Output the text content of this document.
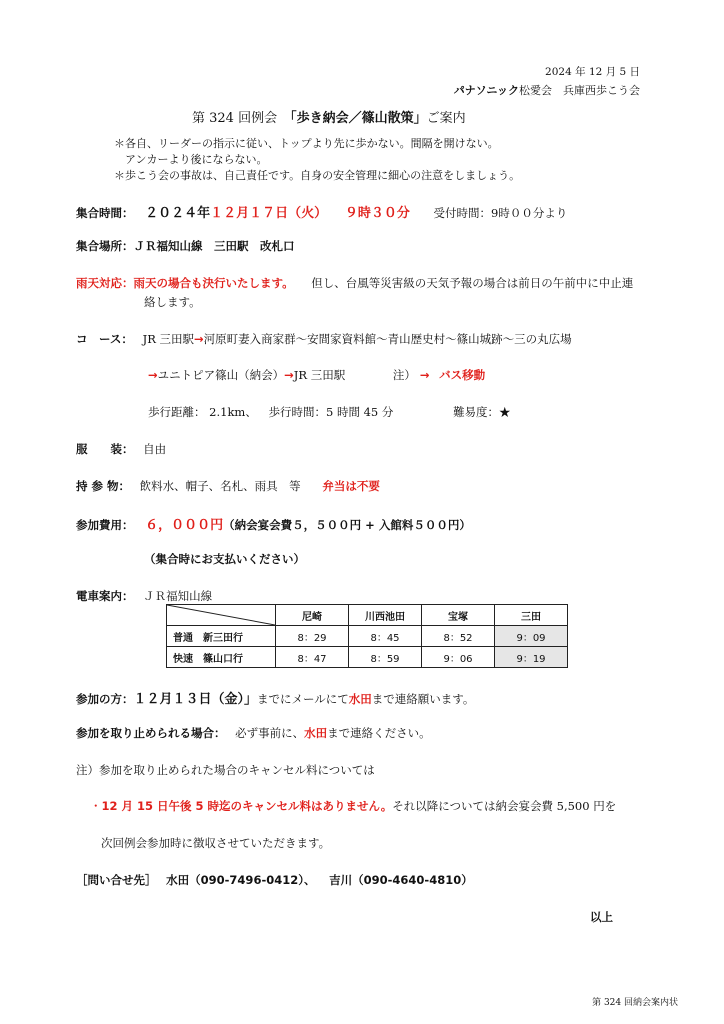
2024 年 12 月 5 日
パナソニック松愛会　兵庫西歩こう会
第 324 回例会　「歩き納会／篠山散策」ご案内
＊各自、リーダーの指示に従い、トップより先に歩かない。間隔を開けない。
アンカーより後にならない。
＊歩こう会の事故は、自己責任です。自身の安全管理に細心の注意をしましょう。
集合時間： ２０２４年１２月１７日（火） ９時３０分 受付時間：9時００分より
集合場所：ＪＲ福知山線　三田駅　改札口
雨天対応：雨天の場合も決行いたします。 但し、台風等災害級の天気予報の場合は前日の午前中に中止連
絡します。
コ　ース： JR 三田駅→河原町妻入商家群～安間家資料館～青山歴史村～篠山城跡～三の丸広場
→ユニトピア篠山（納会）→JR 三田駅	注） → バス移動
歩行距離： 2.1km、 歩行時間：5 時間 45 分	難易度：★
服　　装： 自由
持 参 物： 飲料水、帽子、名札、雨具　等 弁当は不要
参加費用： ６，０００円（納会宴会費５，５００円 + 入館料５００円）
（集合時にお支払いください）
電車案内： ＪＲ福知山線
	尼崎	川西池田	宝塚	三田
普通　新三田行	8：29	8：45	8：52	9：09
快速　篠山口行	8：47	8：59	9：06	9：19
参加の方：１２月１３日（金）」までにメールにて水田まで連絡願います。
参加を取り止められる場合： 必ず事前に、水田まで連絡ください。
注）参加を取り止められた場合のキャンセル料については
・12 月 15 日午後 5 時迄のキャンセル料はありません。それ以降については納会宴会費 5,500 円を
次回例会参加時に徴収させていただきます。
［問い合せ先］ 水田（090-7496-0412）、 吉川（090-4640-4810）
以上
第 324 回納会案内状
